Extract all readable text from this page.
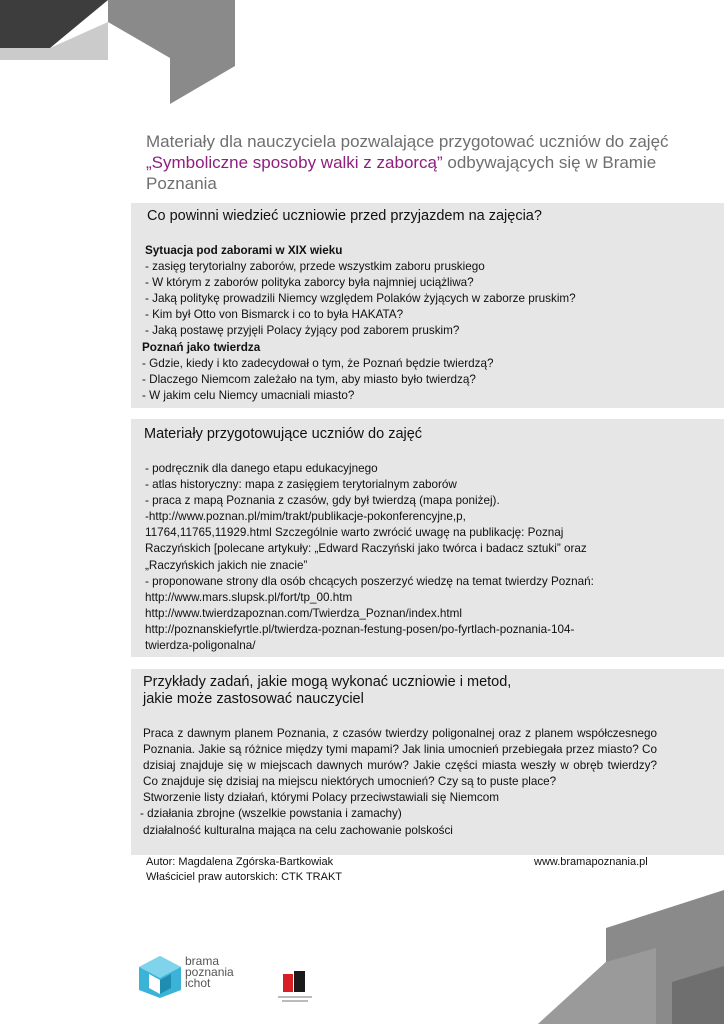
Materiały dla nauczyciela pozwalające przygotować uczniów do zajęć „Symboliczne sposoby walki z zaborcą” odbywających się w Bramie Poznania
Co powinni wiedzieć uczniowie przed przyjazdem na zajęcia?
Sytuacja pod zaborami w XIX wieku
- zasięg terytorialny zaborów, przede wszystkim zaboru pruskiego
- W którym z zaborów polityka zaborcy była najmniej uciążliwa?
- Jaką politykę prowadzili Niemcy względem Polaków żyjących w zaborze pruskim?
- Kim był Otto von Bismarck i co to była HAKATA?
- Jaką postawę przyjęli Polacy żyjący pod zaborem pruskim?
Poznań jako twierdza
- Gdzie, kiedy i kto zadecydował o tym, że Poznań będzie twierdzą?
- Dlaczego Niemcom zależało na tym, aby miasto było twierdzą?
- W jakim celu Niemcy umacniali miasto?
Materiały przygotowujące uczniów do zajęć
- podręcznik dla danego etapu edukacyjnego
- atlas historyczny: mapa z zasięgiem terytorialnym zaborów
- praca z mapą Poznania z czasów, gdy był twierdzą (mapa poniżej).
-http://www.poznan.pl/mim/trakt/publikacje-pokonferencyjne,p,
11764,11765,11929.html Szczególnie warto zwrócić uwagę na publikację: Poznaj
Raczyńskich [polecane artykuły: „Edward Raczyński jako twórca i badacz sztuki” oraz
„Raczyńskich jakich nie znacie”
- proponowane strony dla osób chcących poszerzyć wiedzę na temat twierdzy Poznań:
http://www.mars.slupsk.pl/fort/tp_00.htm
http://www.twierdzapoznan.com/Twierdza_Poznan/index.html
http://poznanskiefyrtle.pl/twierdza-poznan-festung-posen/po-fyrtlach-poznania-104-
twierdza-poligonalna/
Przykłady zadań, jakie mogą wykonać uczniowie i metod,
jakie może zastosować nauczyciel
Praca z dawnym planem Poznania, z czasów twierdzy poligonalnej oraz z planem współczesnego Poznania. Jakie są różnice między tymi mapami? Jak linia umocnień przebiegała przez miasto? Co dzisiaj znajduje się w miejscach dawnych murów? Jakie części miasta weszły w obręb twierdzy? Co znajduje się dzisiaj na miejscu niektórych umocnień? Czy są to puste place?
Stworzenie listy działań, którymi Polacy przeciwstawiali się Niemcom
- działania zbrojne (wszelkie powstania i zamachy)
działalność kulturalna mająca na celu zachowanie polskości
Autor: Magdalena Zgórska-Bartkowiak
Właściciel praw autorskich: CTK TRAKT
www.bramapoznania.pl
brama
poznania
ichot
